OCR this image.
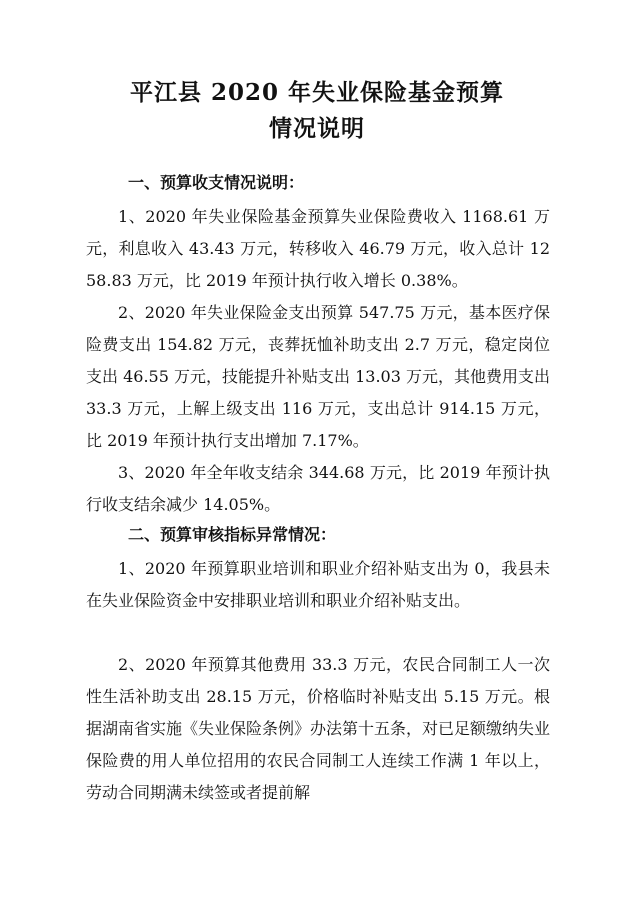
平江县 2020 年失业保险基金预算
情况说明
一、预算收支情况说明：

1、2020 年失业保险基金预算失业保险费收入 1168.61 万元，利息收入 43.43 万元，转移收入 46.79 万元，收入总计 1258.83 万元，比 2019 年预计执行收入增长 0.38%。

2、2020 年失业保险金支出预算 547.75 万元，基本医疗保险费支出 154.82 万元，丧葬抚恤补助支出 2.7 万元，稳定岗位支出 46.55 万元，技能提升补贴支出 13.03 万元，其他费用支出 33.3 万元，上解上级支出 116 万元，支出总计 914.15 万元，比 2019 年预计执行支出增加 7.17%。

3、2020 年全年收支结余 344.68 万元，比 2019 年预计执行收支结余减少 14.05%。

二、预算审核指标异常情况：

1、2020 年预算职业培训和职业介绍补贴支出为 0，我县未在失业保险资金中安排职业培训和职业介绍补贴支出。

2、2020 年预算其他费用 33.3 万元，农民合同制工人一次性生活补助支出 28.15 万元，价格临时补贴支出 5.15 万元。根据湖南省实施《失业保险条例》办法第十五条，对已足额缴纳失业保险费的用人单位招用的农民合同制工人连续工作满 1 年以上，劳动合同期满未续签或者提前解
